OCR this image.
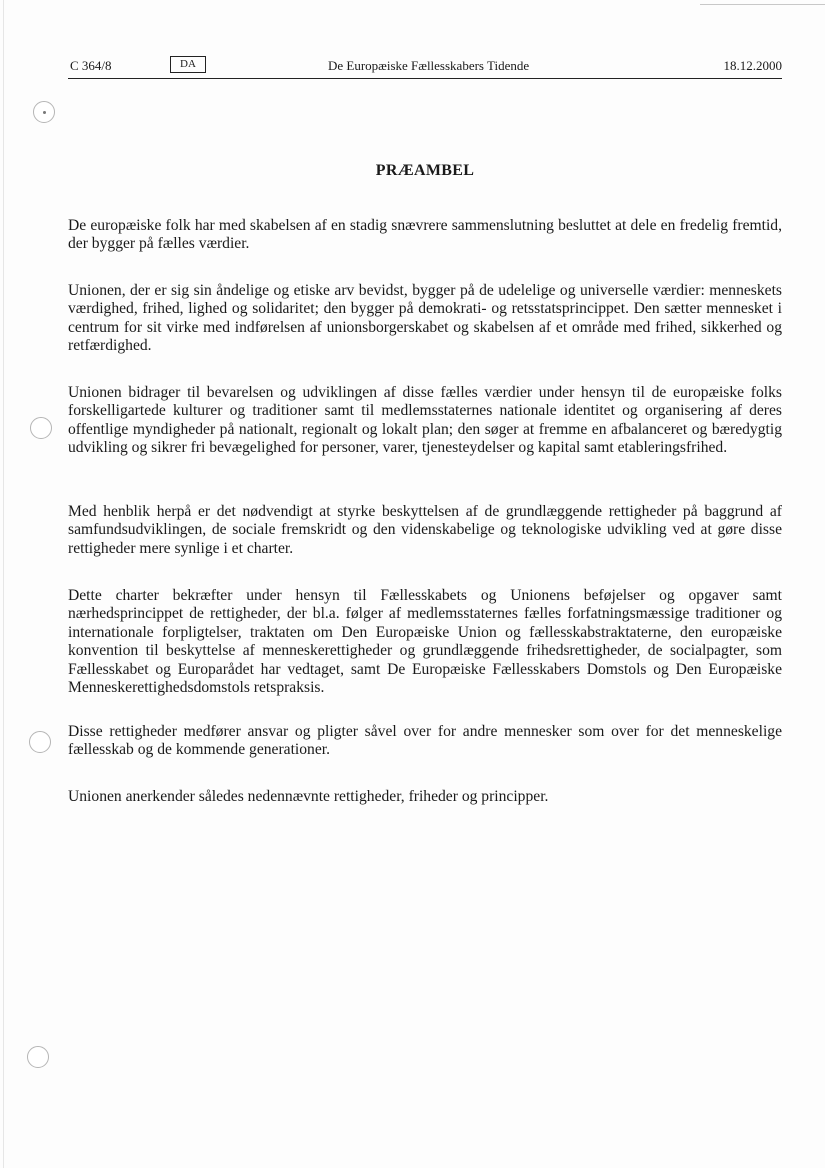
C 364/8	DA	De Europæiske Fællesskabers Tidende	18.12.2000
PRÆAMBEL

De europæiske folk har med skabelsen af en stadig snævrere sammenslutning besluttet at dele en fredelig fremtid, der bygger på fælles værdier.

Unionen, der er sig sin åndelige og etiske arv bevidst, bygger på de udelelige og universelle værdier: menneskets værdighed, frihed, lighed og solidaritet; den bygger på demokrati- og retsstatsprincippet. Den sætter mennesket i centrum for sit virke med indførelsen af unionsborgerskabet og skabelsen af et område med frihed, sikkerhed og retfærdighed.

Unionen bidrager til bevarelsen og udviklingen af disse fælles værdier under hensyn til de europæiske folks forskelligartede kulturer og traditioner samt til medlemsstaternes nationale identitet og organisering af deres offentlige myndigheder på nationalt, regionalt og lokalt plan; den søger at fremme en afbalanceret og bæredygtig udvikling og sikrer fri bevægelighed for personer, varer, tjenesteydelser og kapital samt etableringsfrihed.

Med henblik herpå er det nødvendigt at styrke beskyttelsen af de grundlæggende rettigheder på baggrund af samfundsudviklingen, de sociale fremskridt og den videnskabelige og teknologiske udvikling ved at gøre disse rettigheder mere synlige i et charter.

Dette charter bekræfter under hensyn til Fællesskabets og Unionens beføjelser og opgaver samt nærhedsprincippet de rettigheder, der bl.a. følger af medlemsstaternes fælles forfatningsmæssige traditioner og internationale forpligtelser, traktaten om Den Europæiske Union og fællesskabstraktaterne, den europæiske konvention til beskyttelse af menneskerettigheder og grundlæggende frihedsrettigheder, de socialpagter, som Fællesskabet og Europarådet har vedtaget, samt De Europæiske Fællesskabers Domstols og Den Europæiske Menneskerettighedsdomstols retspraksis.

Disse rettigheder medfører ansvar og pligter såvel over for andre mennesker som over for det menneskelige fællesskab og de kommende generationer.

Unionen anerkender således nedennævnte rettigheder, friheder og principper.
